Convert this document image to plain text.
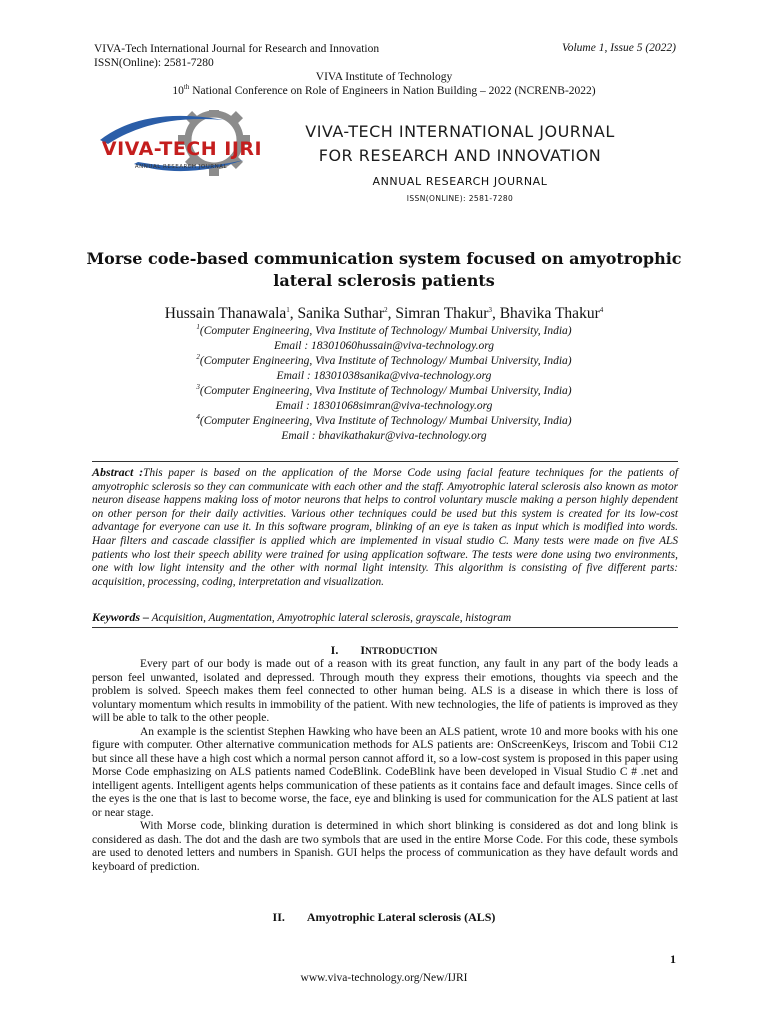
VIVA-Tech International Journal for Research and Innovation
ISSN(Online): 2581-7280
Volume 1, Issue 5 (2022)
VIVA Institute of Technology
10th National Conference on Role of Engineers in Nation Building – 2022 (NCRENB-2022)
VIVA-TECH IJRI
ANNUAL RESEARCH JOURNAL
VIVA-TECH INTERNATIONAL JOURNAL
FOR RESEARCH AND INNOVATION
ANNUAL RESEARCH JOURNAL
ISSN(ONLINE): 2581-7280
Morse code-based communication system focused on amyotrophic
lateral sclerosis patients
Hussain Thanawala$^1$, Sanika Suthar$^2$, Simran Thakur$^3$, Bhavika Thakur$^4$
$^1$(Computer Engineering, Viva Institute of Technology/ Mumbai University, India)
Email : 18301060hussain@viva-technology.org
$^2$(Computer Engineering, Viva Institute of Technology/ Mumbai University, India)
Email : 18301038sanika@viva-technology.org
$^3$(Computer Engineering, Viva Institute of Technology/ Mumbai University, India)
Email : 18301068simran@viva-technology.org
$^4$(Computer Engineering, Viva Institute of Technology/ Mumbai University, India)
Email : bhavikathakur@viva-technology.org
Abstract :This paper is based on the application of the Morse Code using facial feature techniques for the patients of amyotrophic sclerosis so they can communicate with each other and the staff. Amyotrophic lateral sclerosis also known as motor neuron disease happens making loss of motor neurons that helps to control voluntary muscle making a person highly dependent on other person for their daily activities. Various other techniques could be used but this system is created for its low-cost advantage for everyone can use it. In this software program, blinking of an eye is taken as input which is modified into words. Haar filters and cascade classifier is applied which are implemented in visual studio C. Many tests were made on five ALS patients who lost their speech ability were trained for using application software. The tests were done using two environments, one with low light intensity and the other with normal light intensity. This algorithm is consisting of five different parts: acquisition, processing, coding, interpretation and visualization.
Keywords – Acquisition, Augmentation, Amyotrophic lateral sclerosis, grayscale, histogram
I. INTRODUCTION

Every part of our body is made out of a reason with its great function, any fault in any part of the body leads a person feel unwanted, isolated and depressed. Through mouth they express their emotions, thoughts via speech and the problem is solved. Speech makes them feel connected to other human being. ALS is a disease in which there is loss of voluntary momentum which results in immobility of the patient. With new technologies, the life of patients is improved as they will be able to talk to the other people.

An example is the scientist Stephen Hawking who have been an ALS patient, wrote 10 and more books with his one figure with computer. Other alternative communication methods for ALS patients are: OnScreenKeys, Iriscom and Tobii C12 but since all these have a high cost which a normal person cannot afford it, so a low-cost system is proposed in this paper using Morse Code emphasizing on ALS patients named CodeBlink. CodeBlink have been developed in Visual Studio C # .net and intelligent agents. Intelligent agents helps communication of these patients as it contains face and default images. Since cells of the eyes is the one that is last to become worse, the face, eye and blinking is used for communication for the ALS patient at last or near stage.

With Morse code, blinking duration is determined in which short blinking is considered as dot and long blink is considered as dash. The dot and the dash are two symbols that are used in the entire Morse Code. For this code, these symbols are used to denoted letters and numbers in Spanish. GUI helps the process of communication as they have default words and keyboard of prediction.

II. Amyotrophic Lateral sclerosis (ALS)
1
www.viva-technology.org/New/IJRI
